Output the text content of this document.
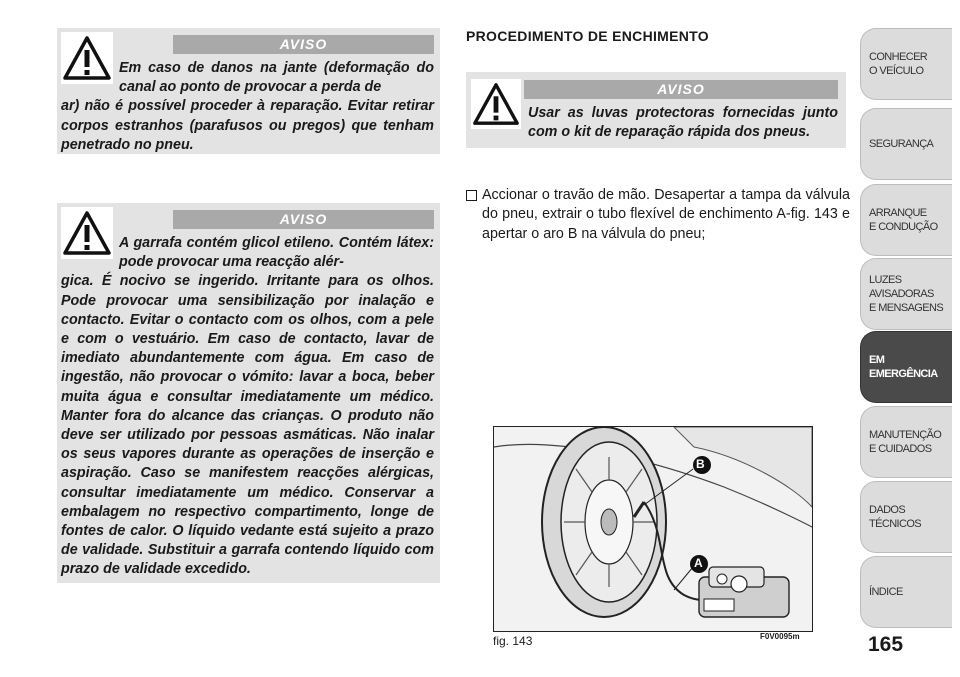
AVISO
Em caso de danos na jante (deformação do canal ao ponto de provocar a perda de
ar) não é possível proceder à reparação. Evitar retirar corpos estranhos (parafusos ou pregos) que tenham penetrado no pneu.
AVISO
A garrafa contém glicol etileno. Contém látex: pode provocar uma reacção alér-
gica. É nocivo se ingerido. Irritante para os olhos. Pode provocar uma sensibilização por inalação e contacto. Evitar o contacto com os olhos, com a pele e com o vestuário. Em caso de contacto, lavar de imediato abundantemente com água. Em caso de ingestão, não provocar o vómito: lavar a boca, beber muita água e consultar imediatamente um médico. Manter fora do alcance das crianças. O produto não deve ser utilizado por pessoas asmáticas. Não inalar os seus vapores durante as operações de inserção e aspiração. Caso se manifestem reacções alérgicas, consultar imediatamente um médico. Conservar a embalagem no respectivo compartimento, longe de fontes de calor. O líquido vedante está sujeito a prazo de validade. Substituir a garrafa contendo líquido com prazo de validade excedido.
PROCEDIMENTO DE ENCHIMENTO
AVISO
Usar as luvas protectoras fornecidas junto com o kit de reparação rápida dos pneus.

Accionar o travão de mão. Desapertar a tampa da válvula do pneu, extrair o tubo flexível de enchimento A-fig. 143 e apertar o aro B na válvula do pneu;

B
A
fig. 143	F0V0095m	165
CONHECER
O VEÍCULO
SEGURANÇA
ARRANQUE
E CONDUÇÃO
LUZES AVISADORAS
E MENSAGENS
EM EMERGÊNCIA
MANUTENÇÃO
E CUIDADOS
DADOS TÉCNICOS
ÍNDICE
